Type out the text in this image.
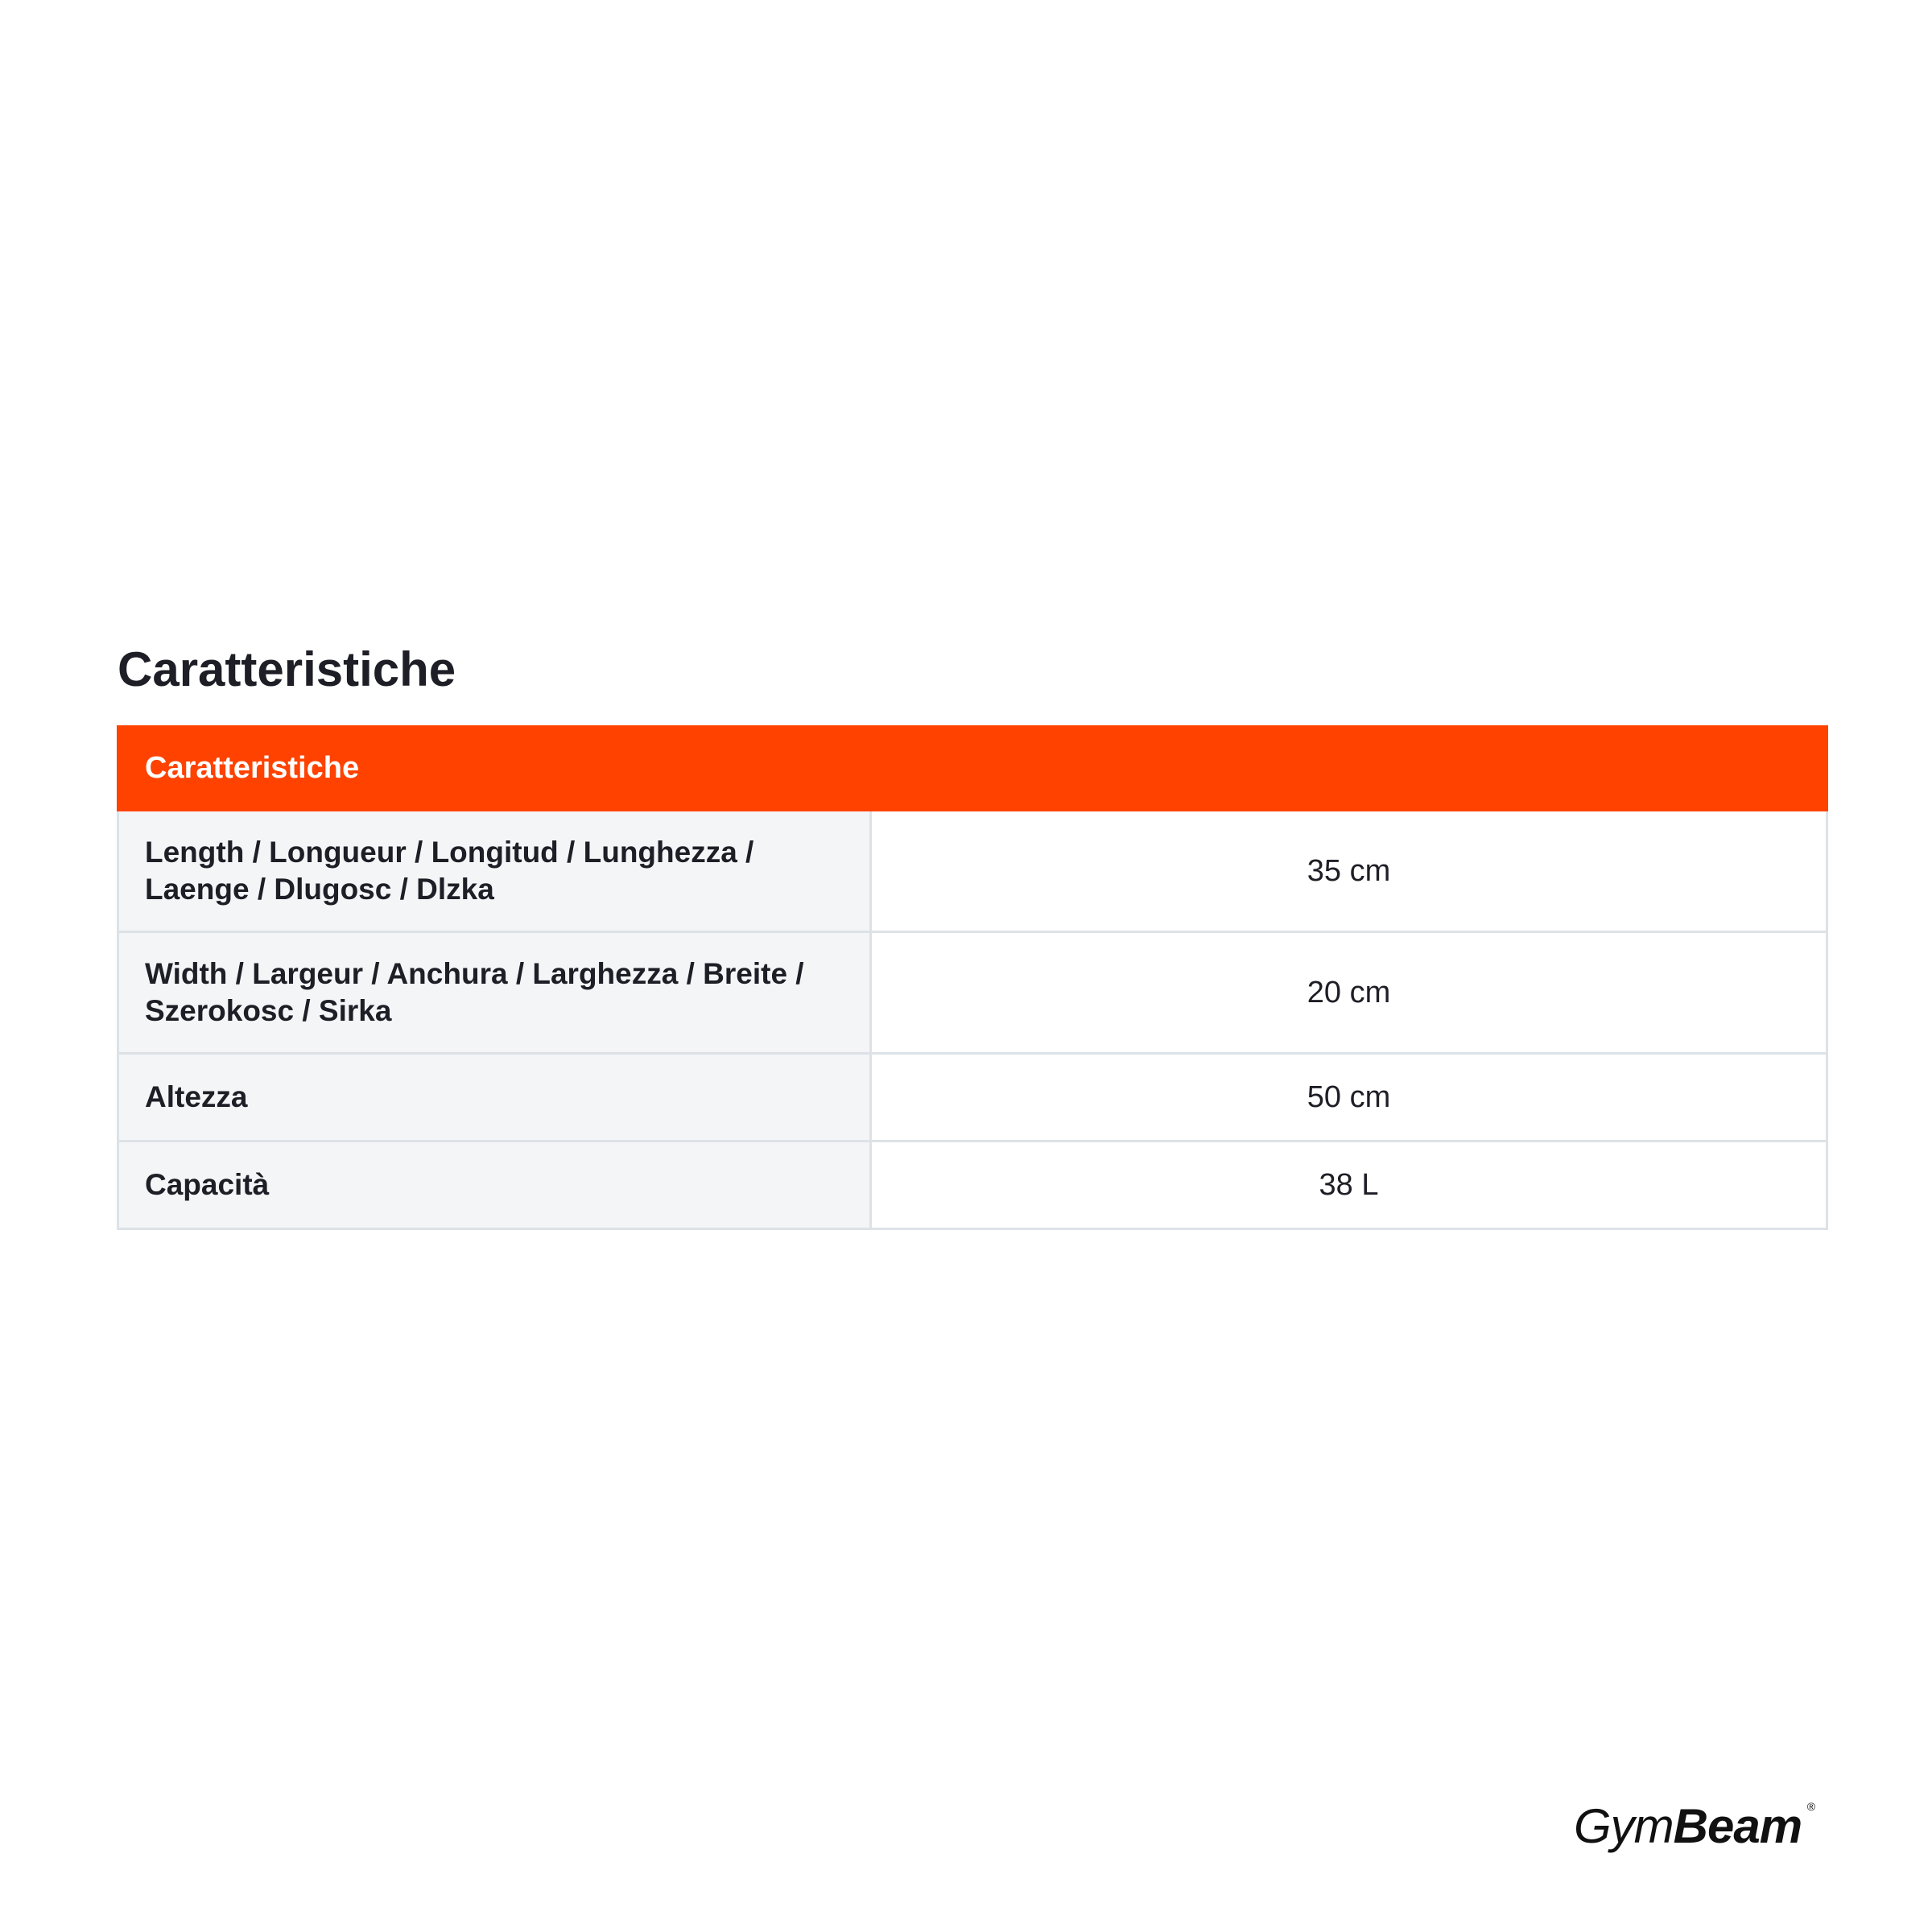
Caratteristiche
Caratteristiche	
Length / Longueur / Longitud / Lunghezza / Laenge / Dlugosc / Dlzka	35 cm
Width / Largeur / Anchura / Larghezza / Breite / Szerokosc / Sirka	20 cm
Altezza	50 cm
Capacità	38 L
GymBeam ®
